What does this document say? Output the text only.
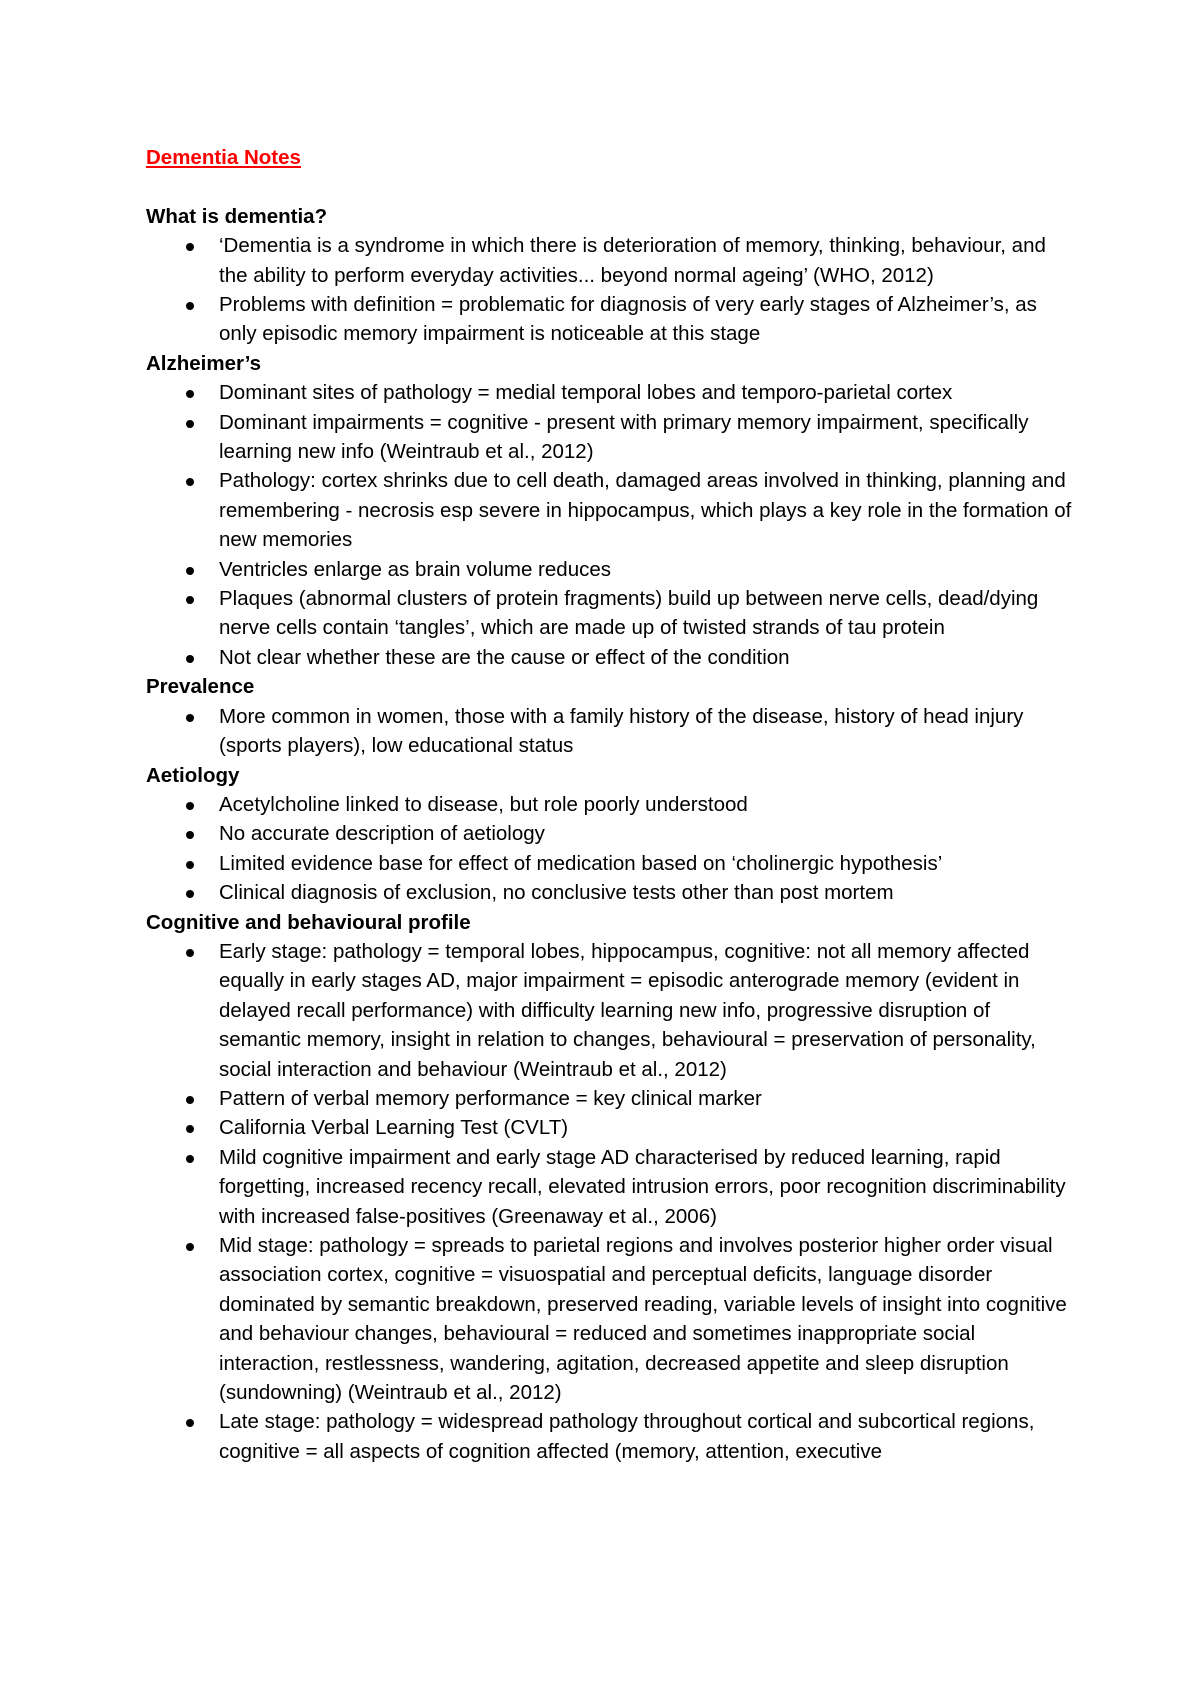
Dementia Notes
What is dementia?
‘Dementia is a syndrome in which there is deterioration of memory, thinking, behaviour, and the ability to perform everyday activities... beyond normal ageing’ (WHO, 2012)
Problems with definition = problematic for diagnosis of very early stages of Alzheimer’s, as only episodic memory impairment is noticeable at this stage
Alzheimer’s
Dominant sites of pathology = medial temporal lobes and temporo-parietal cortex
Dominant impairments = cognitive - present with primary memory impairment, specifically learning new info (Weintraub et al., 2012)
Pathology: cortex shrinks due to cell death, damaged areas involved in thinking, planning and remembering - necrosis esp severe in hippocampus, which plays a key role in the formation of new memories
Ventricles enlarge as brain volume reduces
Plaques (abnormal clusters of protein fragments) build up between nerve cells, dead/dying nerve cells contain ‘tangles’, which are made up of twisted strands of tau protein
Not clear whether these are the cause or effect of the condition
Prevalence
More common in women, those with a family history of the disease, history of head injury (sports players), low educational status
Aetiology
Acetylcholine linked to disease, but role poorly understood
No accurate description of aetiology
Limited evidence base for effect of medication based on ‘cholinergic hypothesis’
Clinical diagnosis of exclusion, no conclusive tests other than post mortem
Cognitive and behavioural profile
Early stage: pathology = temporal lobes, hippocampus, cognitive: not all memory affected equally in early stages AD, major impairment = episodic anterograde memory (evident in delayed recall performance) with difficulty learning new info, progressive disruption of semantic memory, insight in relation to changes, behavioural = preservation of personality, social interaction and behaviour (Weintraub et al., 2012)
Pattern of verbal memory performance = key clinical marker
California Verbal Learning Test (CVLT)
Mild cognitive impairment and early stage AD characterised by reduced learning, rapid forgetting, increased recency recall, elevated intrusion errors, poor recognition discriminability with increased false-positives (Greenaway et al., 2006)
Mid stage: pathology = spreads to parietal regions and involves posterior higher order visual association cortex, cognitive = visuospatial and perceptual deficits, language disorder dominated by semantic breakdown, preserved reading, variable levels of insight into cognitive and behaviour changes, behavioural = reduced and sometimes inappropriate social interaction, restlessness, wandering, agitation, decreased appetite and sleep disruption (sundowning) (Weintraub et al., 2012)
Late stage: pathology = widespread pathology throughout cortical and subcortical regions, cognitive = all aspects of cognition affected (memory, attention, executive
